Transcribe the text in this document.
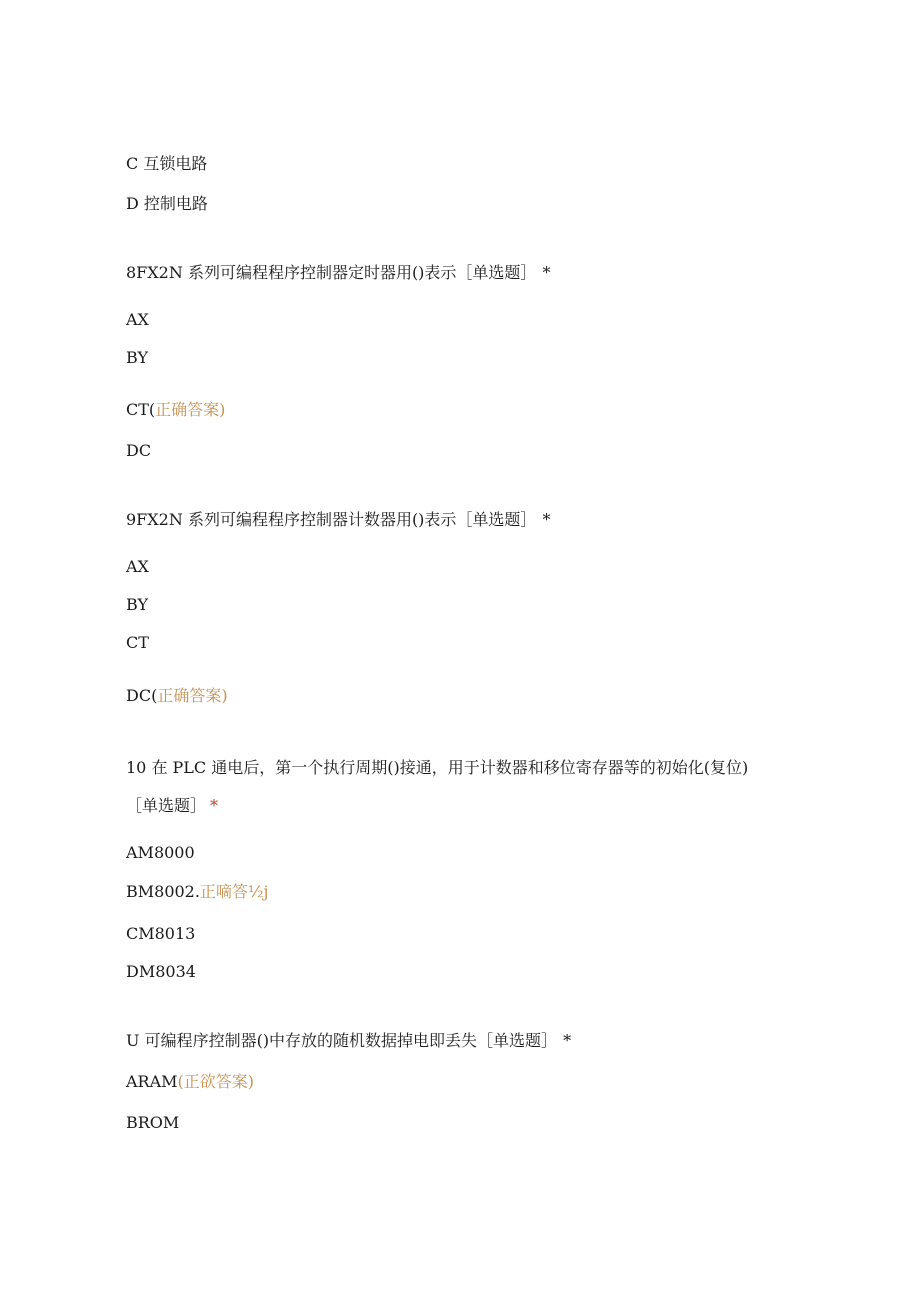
C 互锁电路
D 控制电路
8FX2N 系列可编程程序控制器定时器用()表示［单选题］ *
AX
BY
CT(正确答案)
DC
9FX2N 系列可编程程序控制器计数器用()表示［单选题］ *
AX
BY
CT
DC(正确答案)
10 在 PLC 通电后，第一个执行周期()接通，用于计数器和移位寄存器等的初始化(复位)
［单选题］ *
AM8000
BM8002.正嘀答½j
CM8013
DM8034
U 可编程序控制器()中存放的随机数据掉电即丢失［单选题］ *
ARAM(正欲答案)
BROM
